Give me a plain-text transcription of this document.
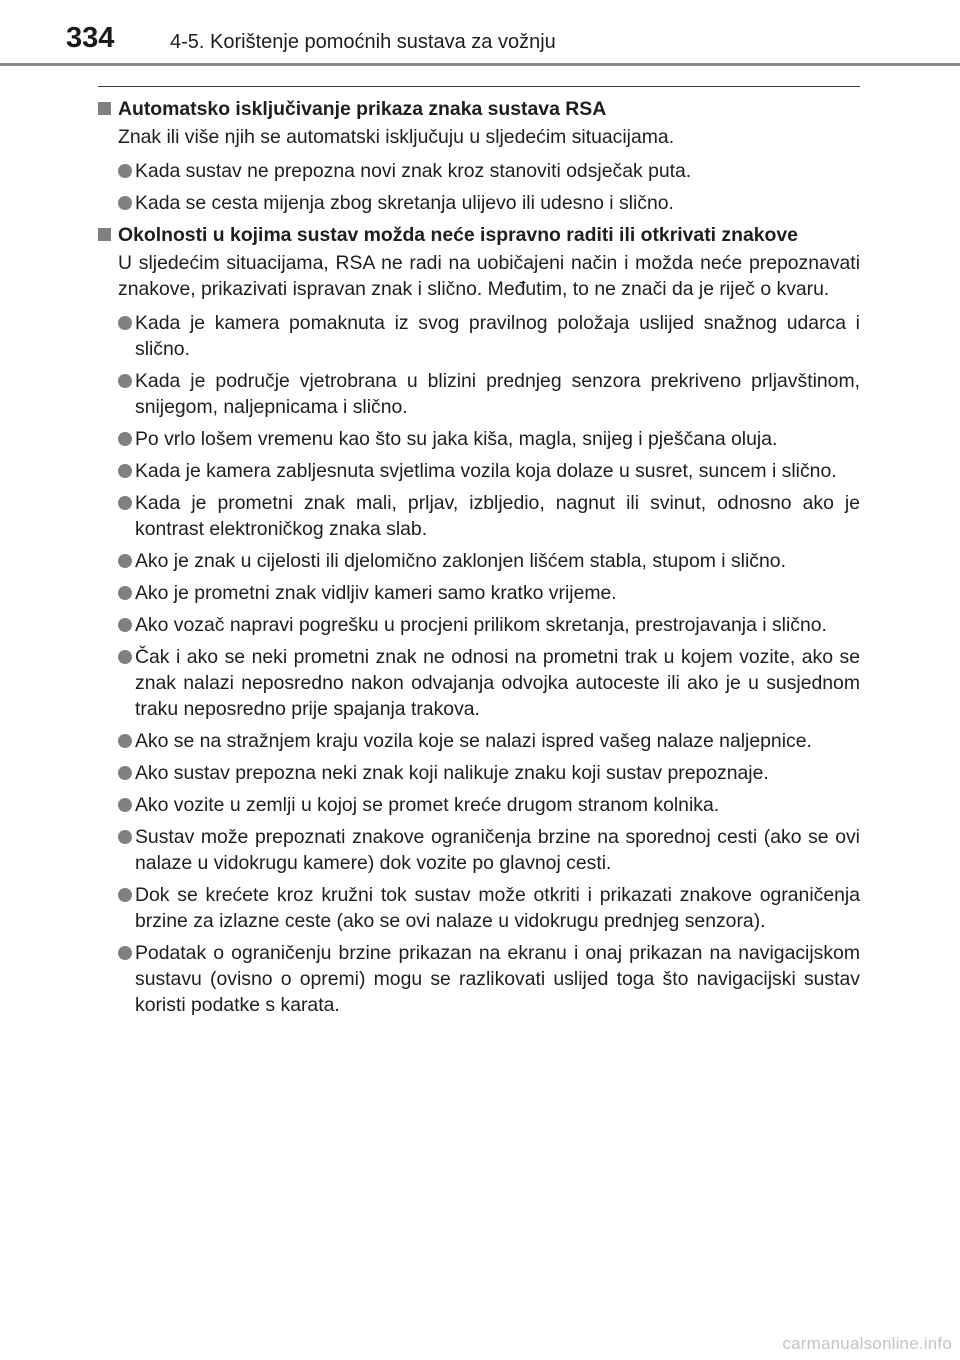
334	4-5. Korištenje pomoćnih sustava za vožnju
Automatsko isključivanje prikaza znaka sustava RSA
Znak ili više njih se automatski isključuju u sljedećim situacijama.
Kada sustav ne prepozna novi znak kroz stanoviti odsječak puta.
Kada se cesta mijenja zbog skretanja ulijevo ili udesno i slično.
Okolnosti u kojima sustav možda neće ispravno raditi ili otkrivati znakove
U sljedećim situacijama, RSA ne radi na uobičajeni način i možda neće prepoznavati znakove, prikazivati ispravan znak i slično. Međutim, to ne znači da je riječ o kvaru.
Kada je kamera pomaknuta iz svog pravilnog položaja uslijed snažnog udarca i slično.
Kada je područje vjetrobrana u blizini prednjeg senzora prekriveno prljavštinom, snijegom, naljepnicama i slično.
Po vrlo lošem vremenu kao što su jaka kiša, magla, snijeg i pješčana oluja.
Kada je kamera zabljesnuta svjetlima vozila koja dolaze u susret, suncem i slično.
Kada je prometni znak mali, prljav, izbljedio, nagnut ili svinut, odnosno ako je kontrast elektroničkog znaka slab.
Ako je znak u cijelosti ili djelomično zaklonjen lišćem stabla, stupom i slično.
Ako je prometni znak vidljiv kameri samo kratko vrijeme.
Ako vozač napravi pogrešku u procjeni prilikom skretanja, prestrojavanja i slično.
Čak i ako se neki prometni znak ne odnosi na prometni trak u kojem vozite, ako se znak nalazi neposredno nakon odvajanja odvojka autoceste ili ako je u susjednom traku neposredno prije spajanja trakova.
Ako se na stražnjem kraju vozila koje se nalazi ispred vašeg nalaze naljepnice.
Ako sustav prepozna neki znak koji nalikuje znaku koji sustav prepoznaje.
Ako vozite u zemlji u kojoj se promet kreće drugom stranom kolnika.
Sustav može prepoznati znakove ograničenja brzine na sporednoj cesti (ako se ovi nalaze u vidokrugu kamere) dok vozite po glavnoj cesti.
Dok se krećete kroz kružni tok sustav može otkriti i prikazati znakove ograničenja brzine za izlazne ceste (ako se ovi nalaze u vidokrugu prednjeg senzora).
Podatak o ograničenju brzine prikazan na ekranu i onaj prikazan na navigacijskom sustavu (ovisno o opremi) mogu se razlikovati uslijed toga što navigacijski sustav koristi podatke s karata.
carmanualsonline.info
